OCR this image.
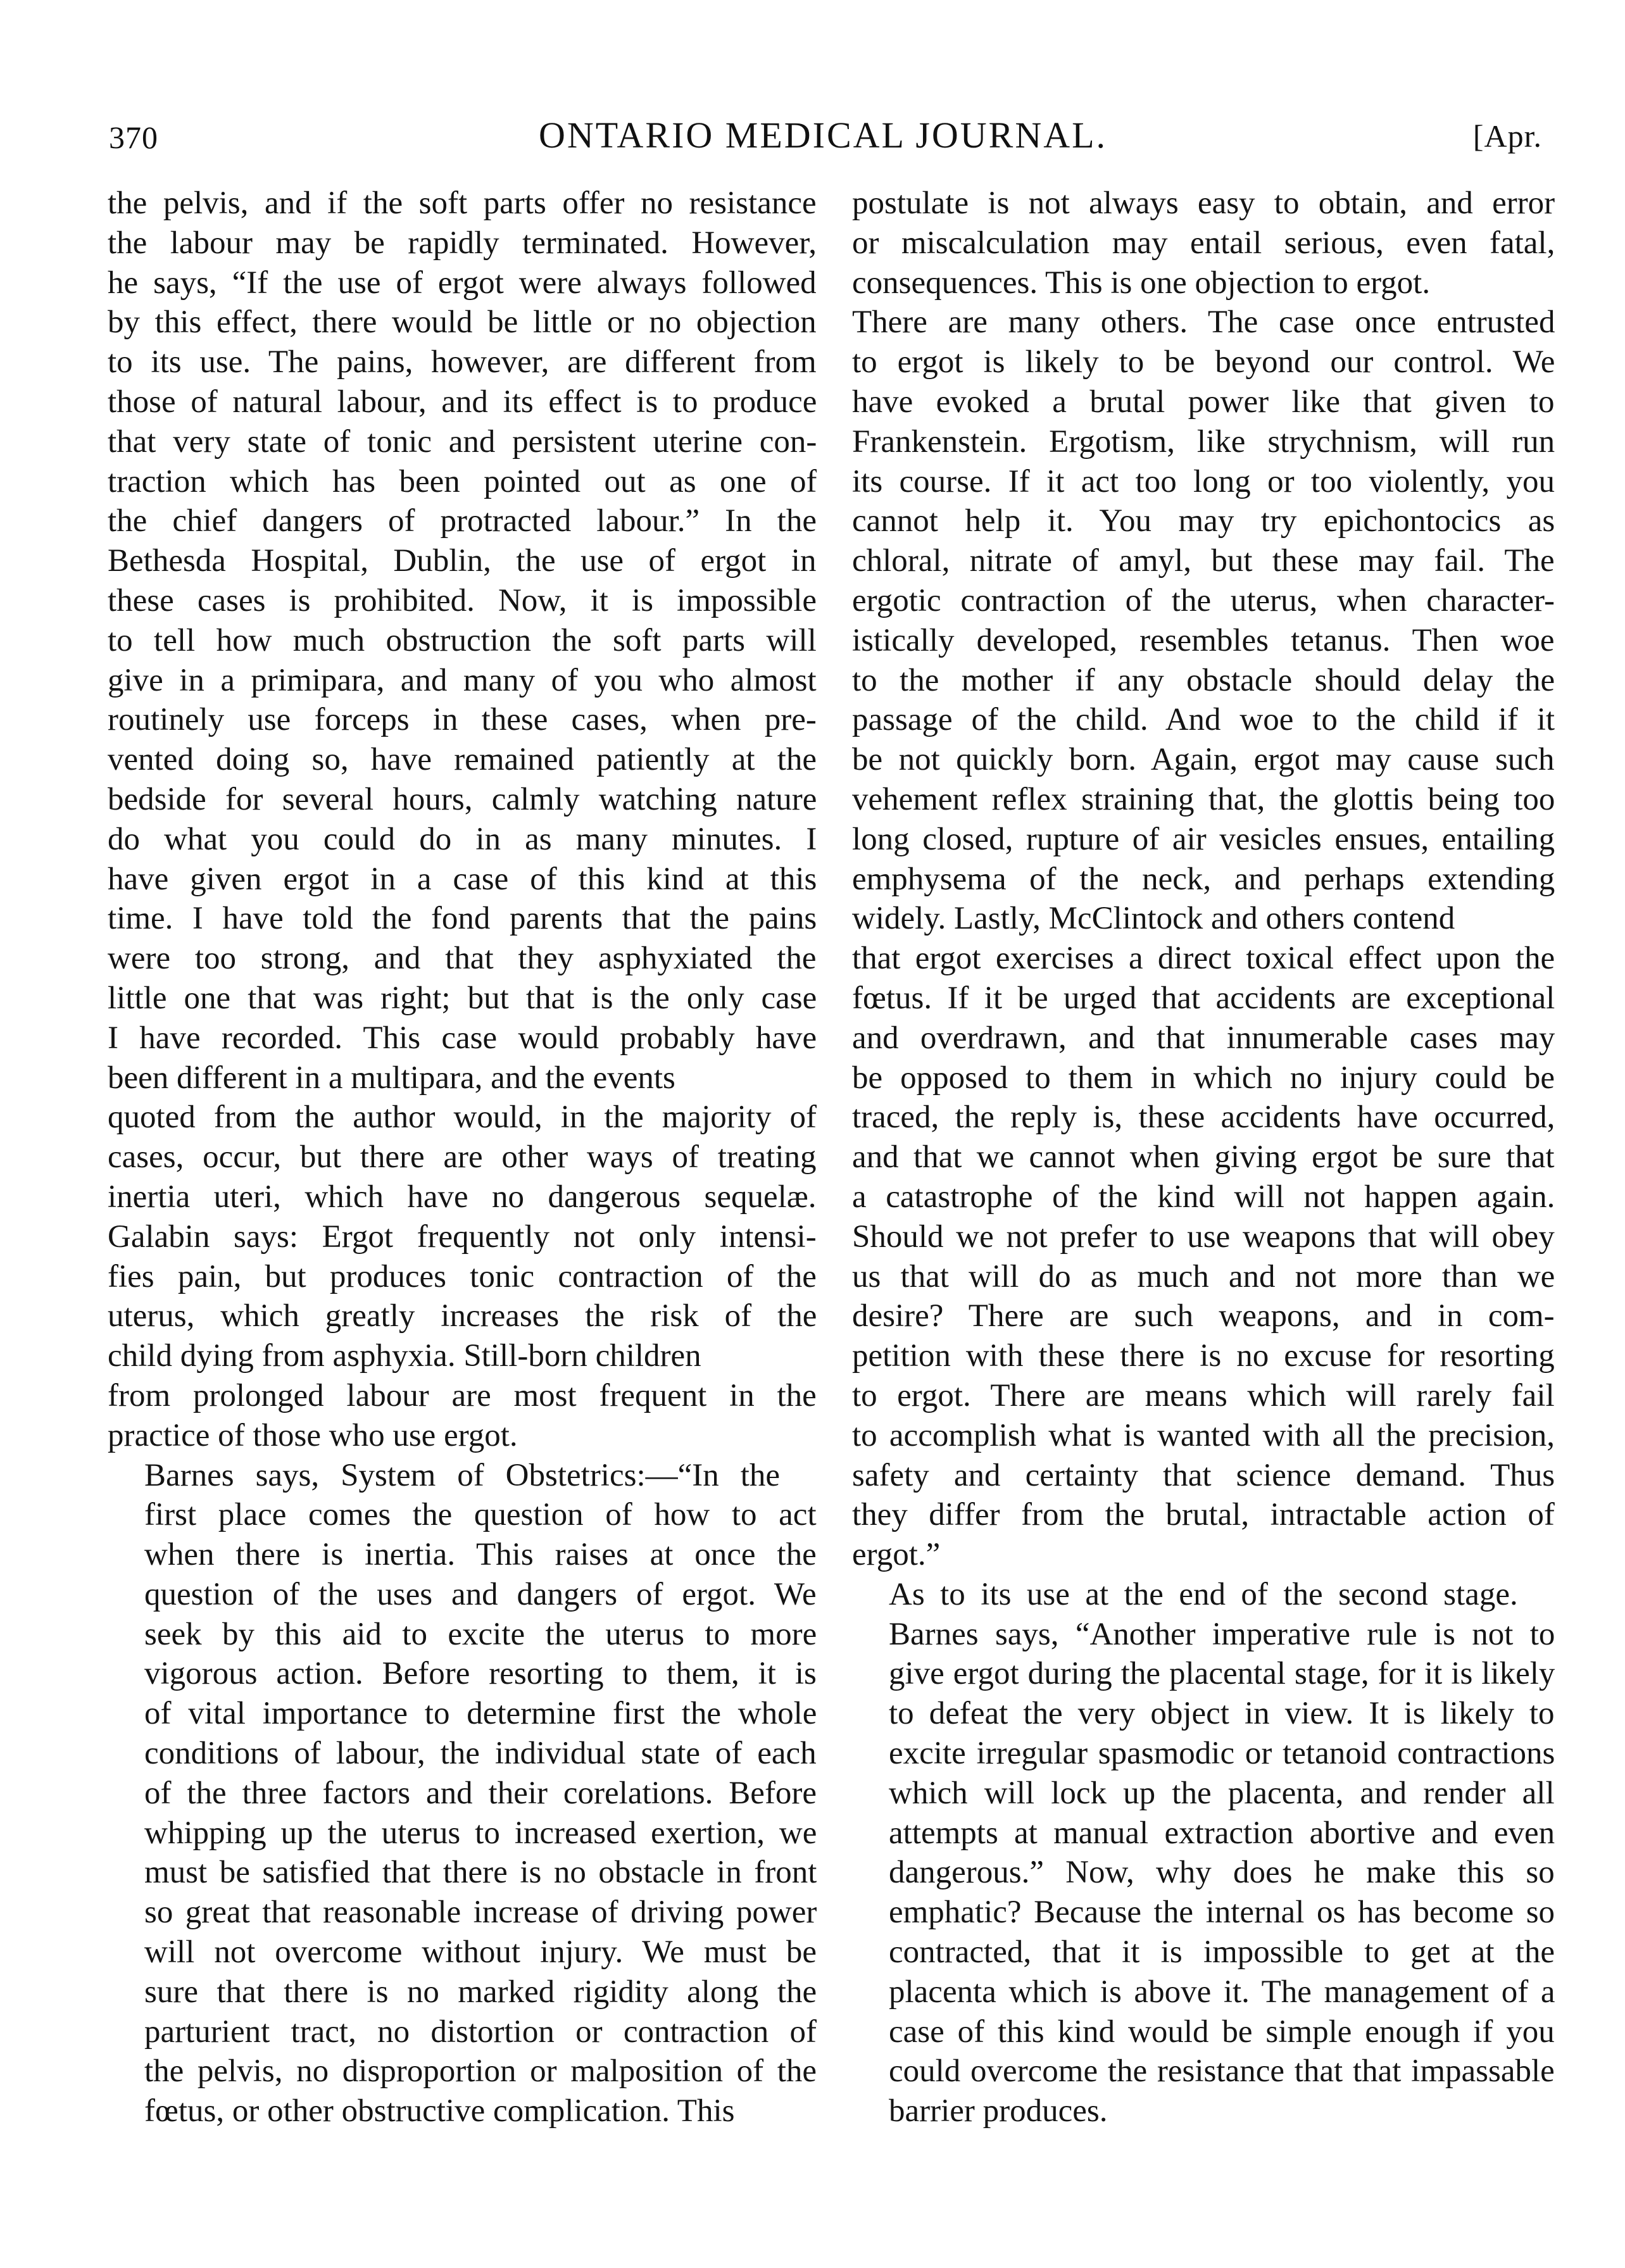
370	ONTARIO MEDICAL JOURNAL.	[Apr.
the pelvis, and if the soft parts offer no resistance
the labour may be rapidly terminated. However,
he says, “If the use of ergot were always followed
by this effect, there would be little or no objection
to its use. The pains, however, are different from
those of natural labour, and its effect is to produce
that very state of tonic and persistent uterine con-
traction which has been pointed out as one of
the chief dangers of protracted labour.” In the
Bethesda Hospital, Dublin, the use of ergot in
these cases is prohibited. Now, it is impossible
to tell how much obstruction the soft parts will
give in a primipara, and many of you who almost
routinely use forceps in these cases, when pre-
vented doing so, have remained patiently at the
bedside for several hours, calmly watching nature
do what you could do in as many minutes. I
have given ergot in a case of this kind at this
time. I have told the fond parents that the pains
were too strong, and that they asphyxiated the
little one that was right; but that is the only case
I have recorded. This case would probably have
been different in a multipara, and the events
quoted from the author would, in the majority of
cases, occur, but there are other ways of treating
inertia uteri, which have no dangerous sequelæ.
Galabin says: Ergot frequently not only intensi-
fies pain, but produces tonic contraction of the
uterus, which greatly increases the risk of the
child dying from asphyxia. Still-born children
from prolonged labour are most frequent in the
practice of those who use ergot.
Barnes says, System of Obstetrics:—“In the
first place comes the question of how to act
when there is inertia. This raises at once the
question of the uses and dangers of ergot. We
seek by this aid to excite the uterus to more
vigorous action. Before resorting to them, it is
of vital importance to determine first the whole
conditions of labour, the individual state of each
of the three factors and their corelations. Before
whipping up the uterus to increased exertion, we
must be satisfied that there is no obstacle in front
so great that reasonable increase of driving power
will not overcome without injury. We must be
sure that there is no marked rigidity along the
parturient tract, no distortion or contraction of
the pelvis, no disproportion or malposition of the
fœtus, or other obstructive complication. This
postulate is not always easy to obtain, and error
or miscalculation may entail serious, even fatal,
consequences. This is one objection to ergot.
There are many others. The case once entrusted
to ergot is likely to be beyond our control. We
have evoked a brutal power like that given to
Frankenstein. Ergotism, like strychnism, will run
its course. If it act too long or too violently, you
cannot help it. You may try epichontocics as
chloral, nitrate of amyl, but these may fail. The
ergotic contraction of the uterus, when character-
istically developed, resembles tetanus. Then woe
to the mother if any obstacle should delay the
passage of the child. And woe to the child if it
be not quickly born. Again, ergot may cause such
vehement reflex straining that, the glottis being too
long closed, rupture of air vesicles ensues, entailing
emphysema of the neck, and perhaps extending
widely. Lastly, McClintock and others contend
that ergot exercises a direct toxical effect upon the
fœtus. If it be urged that accidents are exceptional
and overdrawn, and that innumerable cases may
be opposed to them in which no injury could be
traced, the reply is, these accidents have occurred,
and that we cannot when giving ergot be sure that
a catastrophe of the kind will not happen again.
Should we not prefer to use weapons that will obey
us that will do as much and not more than we
desire? There are such weapons, and in com-
petition with these there is no excuse for resorting
to ergot. There are means which will rarely fail
to accomplish what is wanted with all the precision,
safety and certainty that science demand. Thus
they differ from the brutal, intractable action of
ergot.”
As to its use at the end of the second stage.
Barnes says, “Another imperative rule is not to
give ergot during the placental stage, for it is likely
to defeat the very object in view. It is likely to
excite irregular spasmodic or tetanoid contractions
which will lock up the placenta, and render all
attempts at manual extraction abortive and even
dangerous.” Now, why does he make this so
emphatic? Because the internal os has become so
contracted, that it is impossible to get at the
placenta which is above it. The management of a
case of this kind would be simple enough if you
could overcome the resistance that that impassable
barrier produces.
